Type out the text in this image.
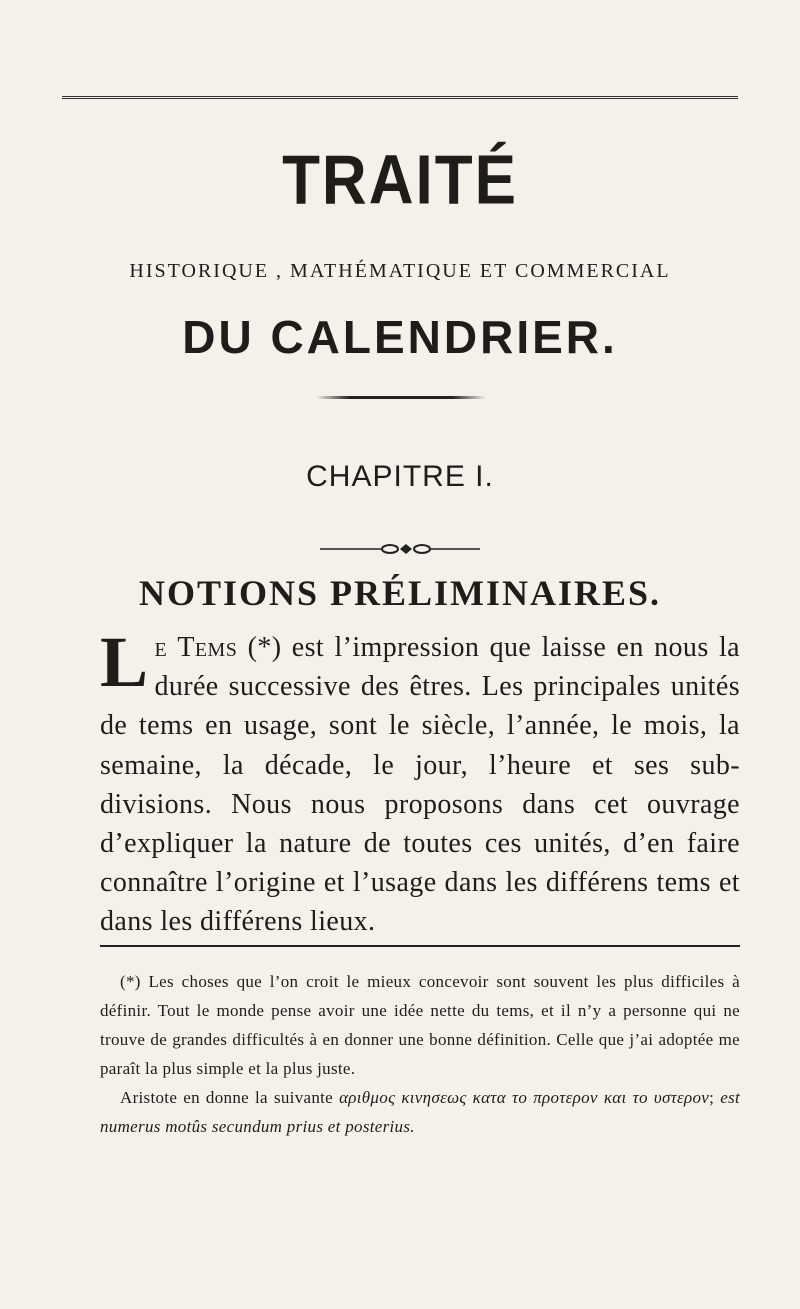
TRAITÉ
HISTORIQUE , MATHÉMATIQUE ET COMMERCIAL
DU CALENDRIER.
CHAPITRE I.
NOTIONS PRÉLIMINAIRES.
Le Tems (*) est l’impression que laisse en nous la durée successive des êtres. Les principales unités de tems en usage, sont le siècle, l’année, le mois, la semaine, la décade, le jour, l’heure et ses sub-divisions. Nous nous proposons dans cet ouvrage d’expliquer la nature de toutes ces unités, d’en faire connaître l’origine et l’usage dans les différens tems et dans les différens lieux.
(*) Les choses que l’on croit le mieux concevoir sont souvent les plus difficiles à définir. Tout le monde pense avoir une idée nette du tems, et il n’y a personne qui ne trouve de grandes difficultés à en donner une bonne définition. Celle que j’ai adoptée me paraît la plus simple et la plus juste.
Aristote en donne la suivante αριθμος κινησεως κατα το προτερον και το υστερον; est numerus motûs secundum prius et posterius.
